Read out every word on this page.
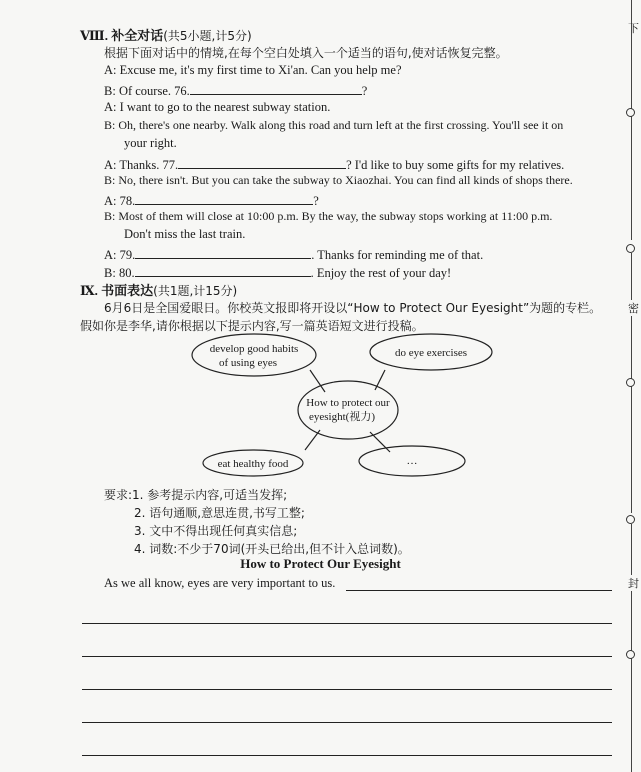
Ⅷ. 补全对话(共5小题,计5分)
根据下面对话中的情境,在每个空白处填入一个适当的语句,使对话恢复完整。
A: Excuse me, it's my first time to Xi'an. Can you help me?
B: Of course. 76.	?
A: I want to go to the nearest subway station.
B: Oh, there's one nearby. Walk along this road and turn left at the first crossing. You'll see it on
your right.
A: Thanks. 77.	? I'd like to buy some gifts for my relatives.
B: No, there isn't. But you can take the subway to Xiaozhai. You can find all kinds of shops there.
A: 78.	?
B: Most of them will close at 10:00 p.m. By the way, the subway stops working at 11:00 p.m.
Don't miss the last train.
A: 79.	. Thanks for reminding me of that.
B: 80.	. Enjoy the rest of your day!
Ⅸ. 书面表达(共1题,计15分)
6月6日是全国爱眼日。你校英文报即将开设以“How to Protect Our Eyesight”为题的专栏。
假如你是李华,请你根据以下提示内容,写一篇英语短文进行投稿。
develop good habits
of using eyes
do eye exercises
How to protect our
eyesight(视力)
eat healthy food	…
要求:1. 参考提示内容,可适当发挥;
2. 语句通顺,意思连贯,书写工整;
3. 文中不得出现任何真实信息;
4. 词数:不少于70词(开头已给出,但不计入总词数)。
How to Protect Our Eyesight
As we all know, eyes are very important to us.
下
密
封
